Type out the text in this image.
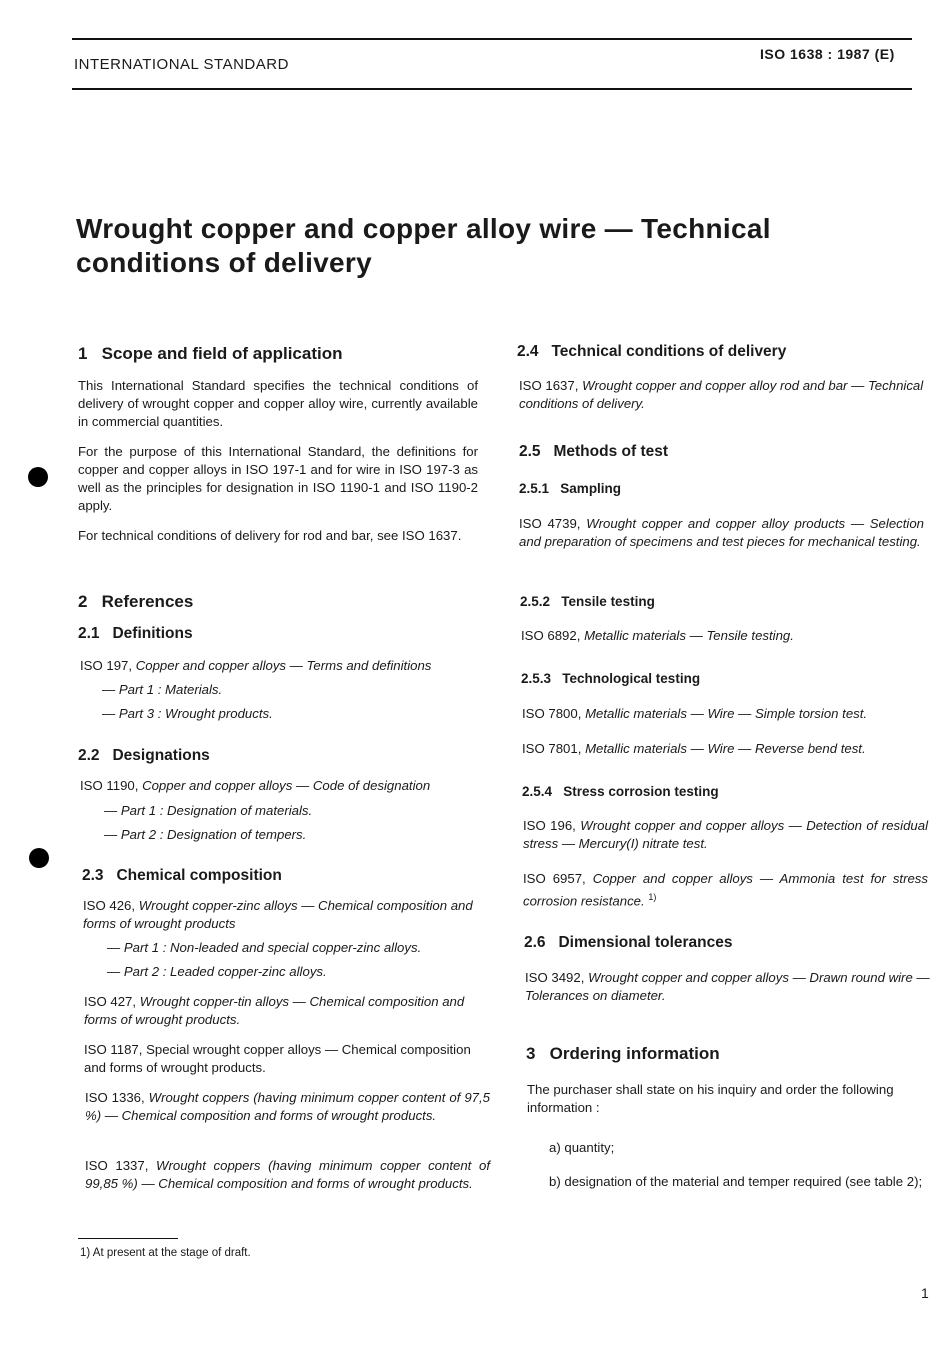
INTERNATIONAL STANDARD
ISO 1638 : 1987 (E)
Wrought copper and copper alloy wire — Technical
conditions of delivery
1 Scope and field of application

This International Standard specifies the technical conditions of delivery of wrought copper and copper alloy wire, currently available in commercial quantities.

For the purpose of this International Standard, the definitions for copper and copper alloys in ISO 197-1 and for wire in ISO 197-3 as well as the principles for designation in ISO 1190-1 and ISO 1190-2 apply.

For technical conditions of delivery for rod and bar, see ISO 1637.

2 References
2.1 Definitions

ISO 197, Copper and copper alloys — Terms and definitions

— Part 1 : Materials.

— Part 3 : Wrought products.

2.2 Designations

ISO 1190, Copper and copper alloys — Code of designation

— Part 1 : Designation of materials.

— Part 2 : Designation of tempers.

2.3 Chemical composition

ISO 426, Wrought copper-zinc alloys — Chemical composition and forms of wrought products

— Part 1 : Non-leaded and special copper-zinc alloys.

— Part 2 : Leaded copper-zinc alloys.

ISO 427, Wrought copper-tin alloys — Chemical composition and forms of wrought products.

ISO 1187, Special wrought copper alloys — Chemical composition and forms of wrought products.

ISO 1336, Wrought coppers (having minimum copper content of 97,5 %) — Chemical composition and forms of wrought products.

ISO 1337, Wrought coppers (having minimum copper content of 99,85 %) — Chemical composition and forms of wrought products.

1) At present at the stage of draft.
2.4 Technical conditions of delivery

ISO 1637, Wrought copper and copper alloy rod and bar — Technical conditions of delivery.

2.5 Methods of test
2.5.1 Sampling

ISO 4739, Wrought copper and copper alloy products — Selection and preparation of specimens and test pieces for mechanical testing.

2.5.2 Tensile testing

ISO 6892, Metallic materials — Tensile testing.

2.5.3 Technological testing

ISO 7800, Metallic materials — Wire — Simple torsion test.

ISO 7801, Metallic materials — Wire — Reverse bend test.

2.5.4 Stress corrosion testing

ISO 196, Wrought copper and copper alloys — Detection of residual stress — Mercury(I) nitrate test.

ISO 6957, Copper and copper alloys — Ammonia test for stress corrosion resistance. $^{1)}$

2.6 Dimensional tolerances

ISO 3492, Wrought copper and copper alloys — Drawn round wire — Tolerances on diameter.

3 Ordering information

The purchaser shall state on his inquiry and order the following information :

a) quantity;

b) designation of the material and temper required (see table 2);

1
